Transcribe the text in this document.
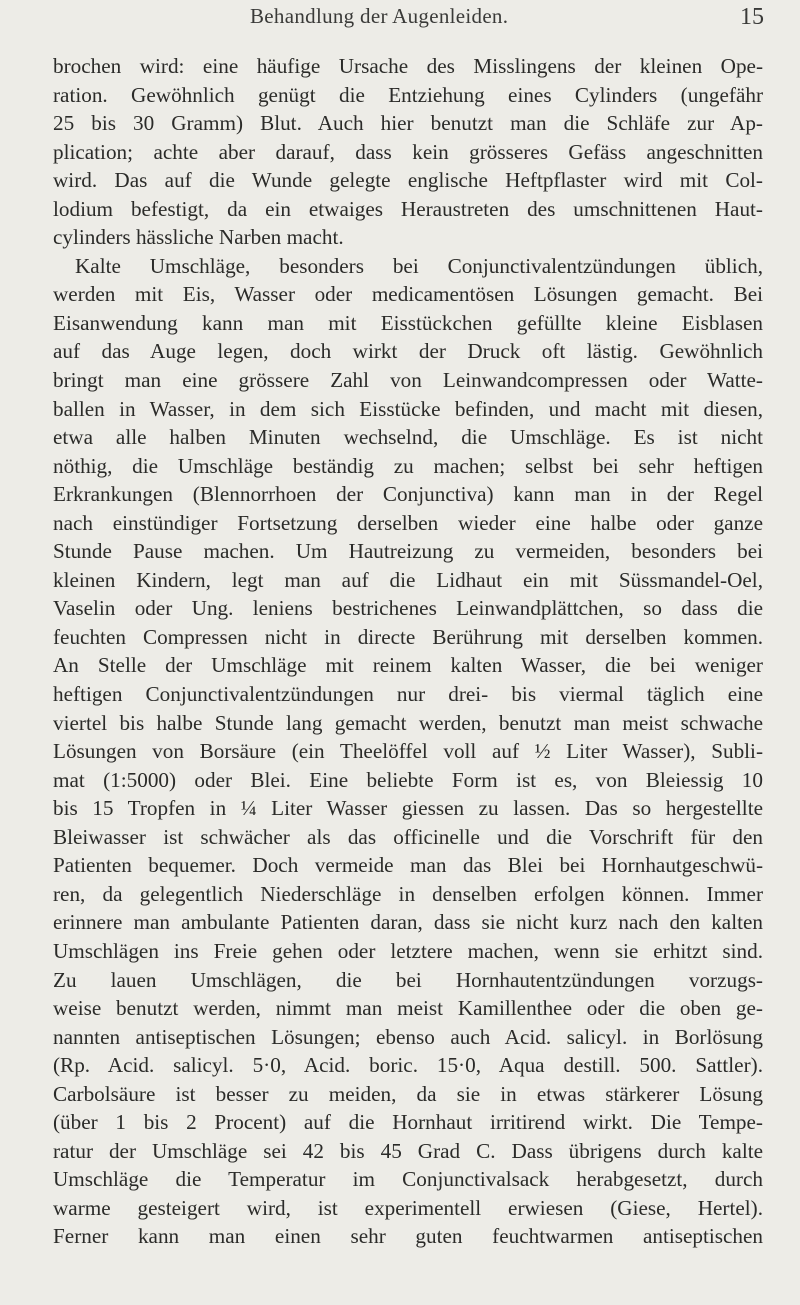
Behandlung der Augenleiden.	15
brochen wird: eine häufige Ursache des Misslingens der kleinen Ope-
ration. Gewöhnlich genügt die Entziehung eines Cylinders (ungefähr
25 bis 30 Gramm) Blut. Auch hier benutzt man die Schläfe zur Ap-
plication; achte aber darauf, dass kein grösseres Gefäss angeschnitten
wird. Das auf die Wunde gelegte englische Heftpflaster wird mit Col-
lodium befestigt, da ein etwaiges Heraustreten des umschnittenen Haut-
cylinders hässliche Narben macht.
Kalte Umschläge, besonders bei Conjunctivalentzündungen üblich,
werden mit Eis, Wasser oder medicamentösen Lösungen gemacht. Bei
Eisanwendung kann man mit Eisstückchen gefüllte kleine Eisblasen
auf das Auge legen, doch wirkt der Druck oft lästig. Gewöhnlich
bringt man eine grössere Zahl von Leinwandcompressen oder Watte-
ballen in Wasser, in dem sich Eisstücke befinden, und macht mit diesen,
etwa alle halben Minuten wechselnd, die Umschläge. Es ist nicht
nöthig, die Umschläge beständig zu machen; selbst bei sehr heftigen
Erkrankungen (Blennorrhoen der Conjunctiva) kann man in der Regel
nach einstündiger Fortsetzung derselben wieder eine halbe oder ganze
Stunde Pause machen. Um Hautreizung zu vermeiden, besonders bei
kleinen Kindern, legt man auf die Lidhaut ein mit Süssmandel-Oel,
Vaselin oder Ung. leniens bestrichenes Leinwandplättchen, so dass die
feuchten Compressen nicht in directe Berührung mit derselben kommen.
An Stelle der Umschläge mit reinem kalten Wasser, die bei weniger
heftigen Conjunctivalentzündungen nur drei- bis viermal täglich eine
viertel bis halbe Stunde lang gemacht werden, benutzt man meist schwache
Lösungen von Borsäure (ein Theelöffel voll auf ½ Liter Wasser), Subli-
mat (1:5000) oder Blei. Eine beliebte Form ist es, von Bleiessig 10
bis 15 Tropfen in ¼ Liter Wasser giessen zu lassen. Das so hergestellte
Bleiwasser ist schwächer als das officinelle und die Vorschrift für den
Patienten bequemer. Doch vermeide man das Blei bei Hornhautgeschwü-
ren, da gelegentlich Niederschläge in denselben erfolgen können. Immer
erinnere man ambulante Patienten daran, dass sie nicht kurz nach den kalten
Umschlägen ins Freie gehen oder letztere machen, wenn sie erhitzt sind.
Zu lauen Umschlägen, die bei Hornhautentzündungen vorzugs-
weise benutzt werden, nimmt man meist Kamillenthee oder die oben ge-
nannten antiseptischen Lösungen; ebenso auch Acid. salicyl. in Borlösung
(Rp. Acid. salicyl. 5·0, Acid. boric. 15·0, Aqua destill. 500. Sattler).
Carbolsäure ist besser zu meiden, da sie in etwas stärkerer Lösung
(über 1 bis 2 Procent) auf die Hornhaut irritirend wirkt. Die Tempe-
ratur der Umschläge sei 42 bis 45 Grad C. Dass übrigens durch kalte
Umschläge die Temperatur im Conjunctivalsack herabgesetzt, durch
warme gesteigert wird, ist experimentell erwiesen (Giese, Hertel).
Ferner kann man einen sehr guten feuchtwarmen antiseptischen
